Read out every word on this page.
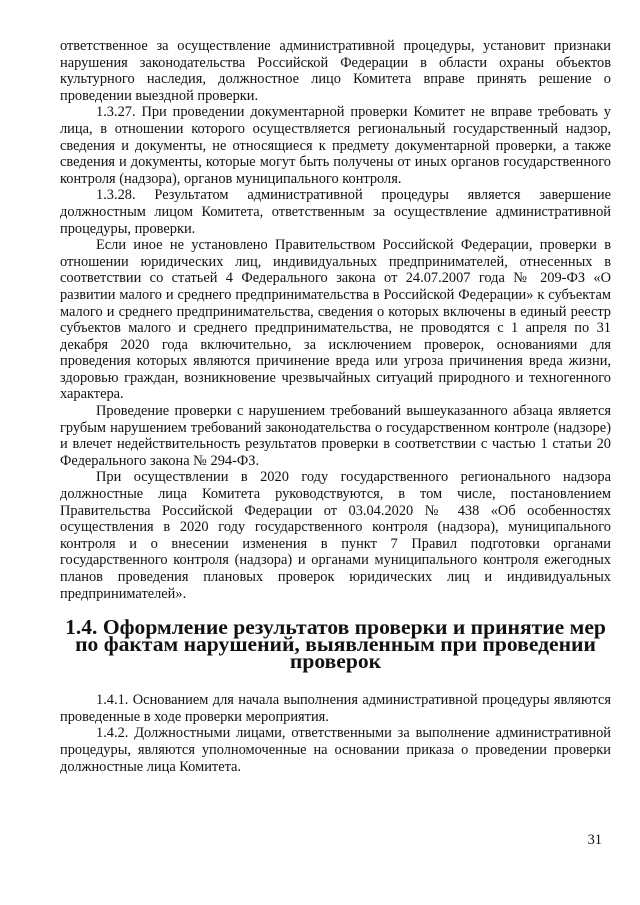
ответственное за осуществление административной процедуры, установит признаки нарушения законодательства Российской Федерации в области охраны объектов культурного наследия, должностное лицо Комитета вправе принять решение о проведении выездной проверки.

1.3.27. При проведении документарной проверки Комитет не вправе требовать у лица, в отношении которого осуществляется региональный государственный надзор, сведения и документы, не относящиеся к предмету документарной проверки, а также сведения и документы, которые могут быть получены от иных органов государственного контроля (надзора), органов муниципального контроля.

1.3.28. Результатом административной процедуры является завершение должностным лицом Комитета, ответственным за осуществление административной процедуры, проверки.

Если иное не установлено Правительством Российской Федерации, проверки в отношении юридических лиц, индивидуальных предпринимателей, отнесенных в соответствии со статьей 4 Федерального закона от 24.07.2007 года № 209-ФЗ «О развитии малого и среднего предпринимательства в Российской Федерации» к субъектам малого и среднего предпринимательства, сведения о которых включены в единый реестр субъектов малого и среднего предпринимательства, не проводятся с 1 апреля по 31 декабря 2020 года включительно, за исключением проверок, основаниями для проведения которых являются причинение вреда или угроза причинения вреда жизни, здоровью граждан, возникновение чрезвычайных ситуаций природного и техногенного характера.

Проведение проверки с нарушением требований вышеуказанного абзаца является грубым нарушением требований законодательства о государственном контроле (надзоре) и влечет недействительность результатов проверки в соответствии с частью 1 статьи 20 Федерального закона № 294-ФЗ.

При осуществлении в 2020 году государственного регионального надзора должностные лица Комитета руководствуются, в том числе, постановлением Правительства Российской Федерации от 03.04.2020 № 438 «Об особенностях осуществления в 2020 году государственного контроля (надзора), муниципального контроля и о внесении изменения в пункт 7 Правил подготовки органами государственного контроля (надзора) и органами муниципального контроля ежегодных планов проведения плановых проверок юридических лиц и индивидуальных предпринимателей».

1.4. Оформление результатов проверки и принятие мер по фактам нарушений, выявленным при проведении проверок

1.4.1. Основанием для начала выполнения административной процедуры являются проведенные в ходе проверки мероприятия.

1.4.2. Должностными лицами, ответственными за выполнение административной процедуры, являются уполномоченные на основании приказа о проведении проверки должностные лица Комитета.

31
